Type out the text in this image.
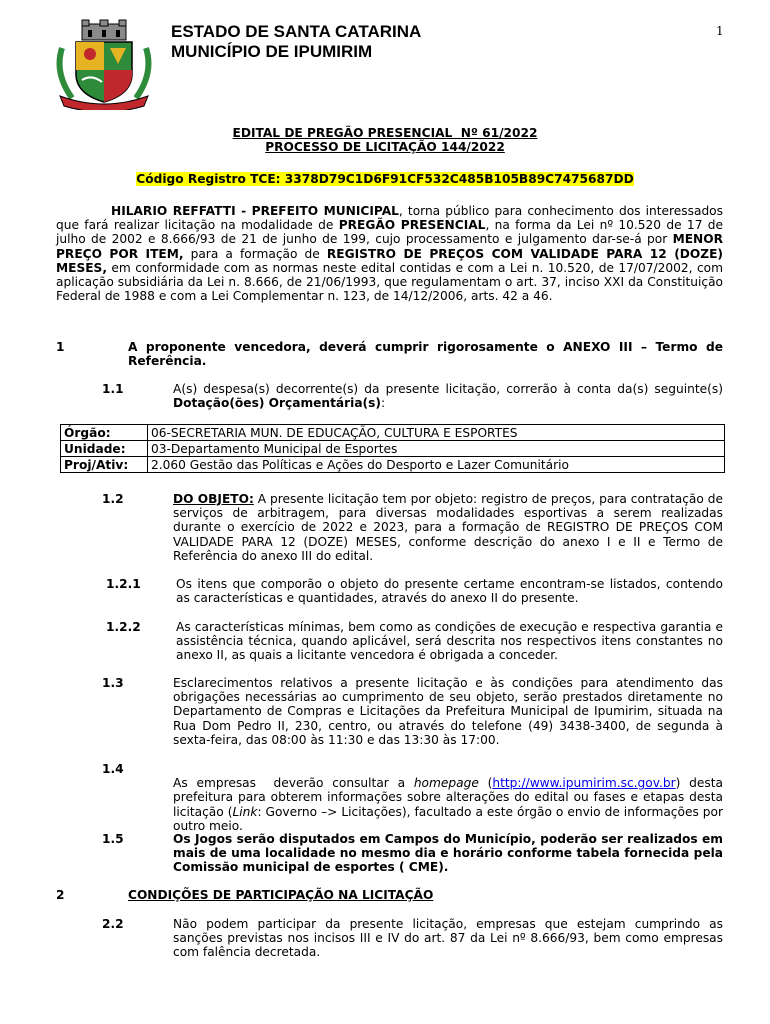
ESTADO DE SANTA CATARINA
MUNICÍPIO DE IPUMIRIM
1
EDITAL DE PREGÃO PRESENCIAL  Nº 61/2022
PROCESSO DE LICITAÇÃO 144/2022
Código Registro TCE: 3378D79C1D6F91CF532C485B105B89C7475687DD
HILARIO REFFATTI - PREFEITO MUNICIPAL, torna público para conhecimento dos interessados que fará realizar licitação na modalidade de PREGÃO PRESENCIAL, na forma da Lei nº 10.520 de 17 de julho de 2002 e 8.666/93 de 21 de junho de 199, cujo processamento e julgamento dar-se-á por MENOR PREÇO POR ITEM, para a formação de REGISTRO DE PREÇOS COM VALIDADE PARA 12 (DOZE) MESES, em conformidade com as normas neste edital contidas e com a Lei n. 10.520, de 17/07/2002, com aplicação subsidiária da Lei n. 8.666, de 21/06/1993, que regulamentam o art. 37, inciso XXI da Constituição Federal de 1988 e com a Lei Complementar n. 123, de 14/12/2006, arts. 42 a 46.
1	A proponente vencedora, deverá cumprir rigorosamente o ANEXO III – Termo de Referência.
1.1	A(s) despesa(s) decorrente(s) da presente licitação, correrão à conta da(s) seguinte(s) Dotação(ões) Orçamentária(s):
Órgão:	06-SECRETARIA MUN. DE EDUCAÇÃO, CULTURA E ESPORTES
Unidade:	03-Departamento Municipal de Esportes
Proj/Ativ:	2.060 Gestão das Políticas e Ações do Desporto e Lazer Comunitário
1.2	DO OBJETO: A presente licitação tem por objeto: registro de preços, para contratação de serviços de arbitragem, para diversas modalidades esportivas a serem realizadas durante o exercício de 2022 e 2023, para a formação de REGISTRO DE PREÇOS COM VALIDADE PARA 12 (DOZE) MESES, conforme descrição do anexo I e II e Termo de Referência do anexo III do edital.
1.2.1	Os itens que comporão o objeto do presente certame encontram-se listados, contendo as características e quantidades, através do anexo II do presente.
1.2.2	As características mínimas, bem como as condições de execução e respectiva garantia e assistência técnica, quando aplicável, será descrita nos respectivos itens constantes no anexo II, as quais a licitante vencedora é obrigada a conceder.
1.3	Esclarecimentos relativos a presente licitação e às condições para atendimento das obrigações necessárias ao cumprimento de seu objeto, serão prestados diretamente no Departamento de Compras e Licitações da Prefeitura Municipal de Ipumirim, situada na Rua Dom Pedro II, 230, centro, ou através do telefone (49) 3438-3400, de segunda à sexta-feira, das 08:00 às 11:30 e das 13:30 às 17:00.
1.4

As empresas  deverão consultar a homepage (http://www.ipumirim.sc.gov.br) desta prefeitura para obterem informações sobre alterações do edital ou fases e etapas desta licitação (Link: Governo –> Licitações), facultado a este órgão o envio de informações por outro meio.

1.5	Os Jogos serão disputados em Campos do Município, poderão ser realizados em mais de uma localidade no mesmo dia e horário conforme tabela fornecida pela Comissão municipal de esportes ( CME).
2	CONDIÇÕES DE PARTICIPAÇÃO NA LICITAÇÃO
2.2	Não podem participar da presente licitação, empresas que estejam cumprindo as sanções previstas nos incisos III e IV do art. 87 da Lei nº 8.666/93, bem como empresas com falência decretada.
